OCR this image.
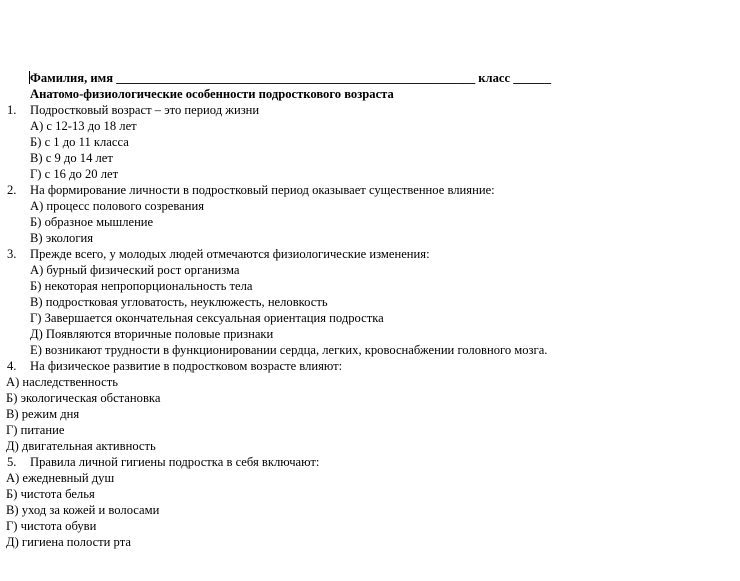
Фамилия, имя _________________________________________________________ класс ______
Анатомо-физиологические особенности подросткового возраста
1. Подростковый возраст – это период жизни
А) с 12-13 до 18 лет
Б) с 1 до 11 класса
В) с 9 до 14 лет
Г) с 16 до 20 лет
2. На формирование личности в подростковый период оказывает существенное влияние:
А) процесс полового созревания
Б) образное мышление
В) экология
3. Прежде всего, у молодых людей отмечаются физиологические изменения:
А) бурный физический рост организма
Б) некоторая непропорциональность тела
В) подростковая угловатость, неуклюжесть, неловкость
Г) Завершается окончательная сексуальная ориентация подростка
Д) Появляются вторичные половые признаки
Е) возникают трудности в функционировании сердца, легких, кровоснабжении головного мозга.
4. На физическое развитие в подростковом возрасте влияют:
А) наследственность
Б) экологическая обстановка
В) режим дня
Г) питание
Д) двигательная активность
5. Правила личной гигиены подростка в себя включают:
А) ежедневный душ
Б) чистота белья
В) уход за кожей и волосами
Г) чистота обуви
Д) гигиена полости рта
